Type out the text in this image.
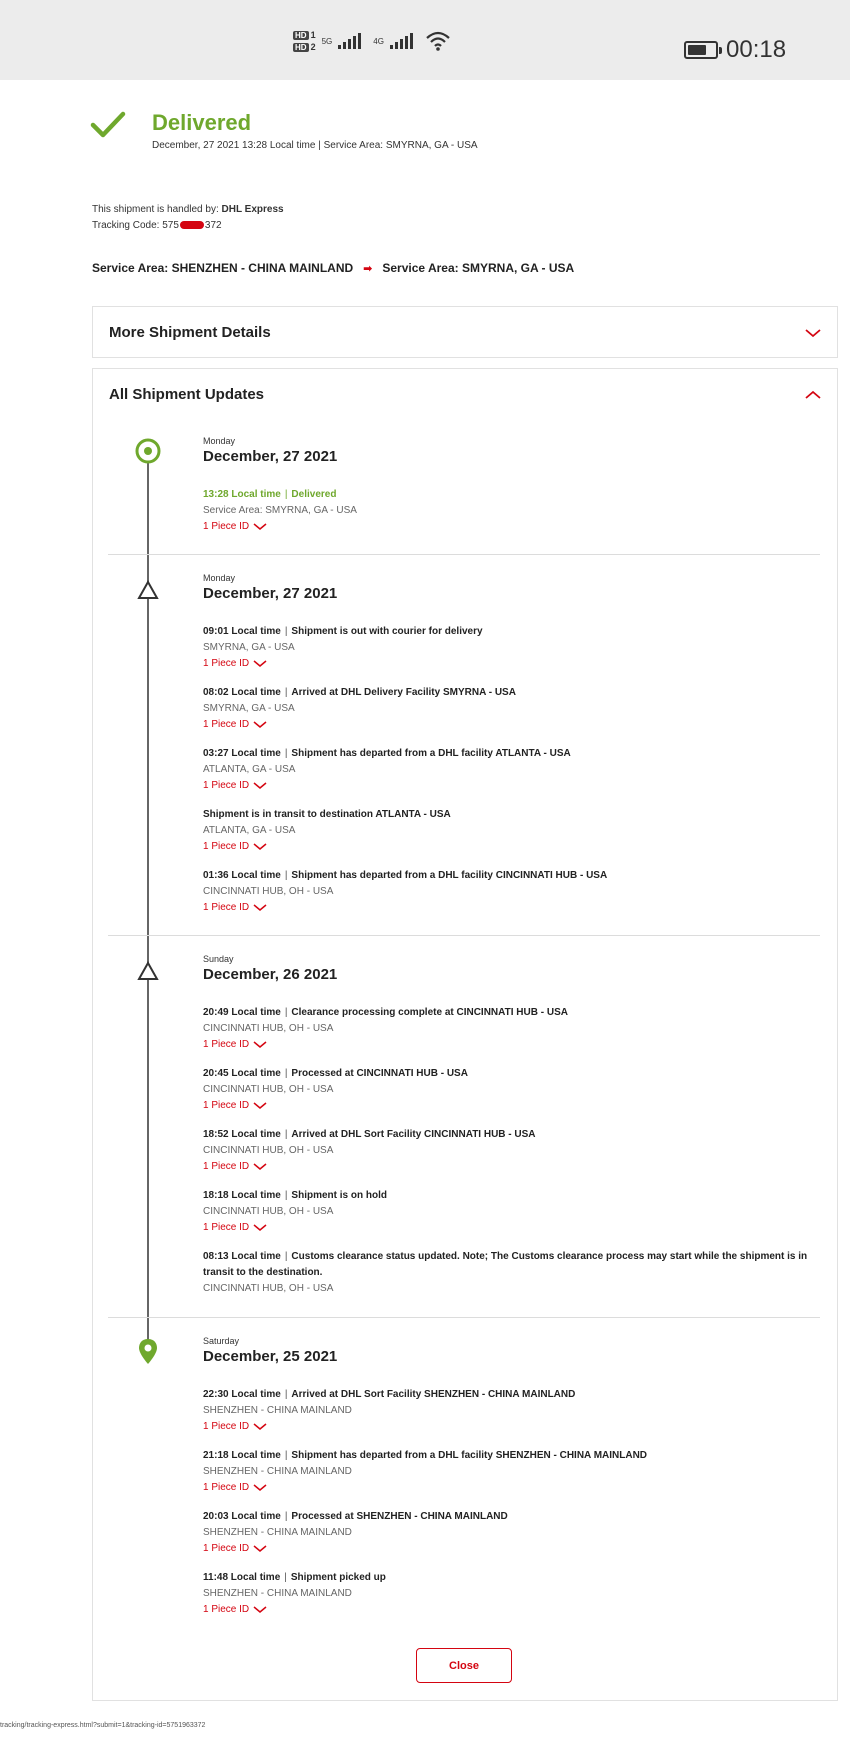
HD 1
HD 2
5G	4G	00:18
Delivered
December, 27 2021 13:28 Local time | Service Area: SMYRNA, GA - USA
This shipment is handled by: DHL Express
Tracking Code: 575	372
Service Area: SHENZHEN - CHINA MAINLAND ➡ Service Area: SMYRNA, GA - USA
More Shipment Details
All Shipment Updates
Monday
December, 27 2021
13:28 Local time | Delivered
Service Area: SMYRNA, GA - USA
1 Piece ID
Monday
December, 27 2021
09:01 Local time | Shipment is out with courier for delivery
SMYRNA, GA - USA
1 Piece ID
08:02 Local time | Arrived at DHL Delivery Facility SMYRNA - USA
SMYRNA, GA - USA
1 Piece ID
03:27 Local time | Shipment has departed from a DHL facility ATLANTA - USA
ATLANTA, GA - USA
1 Piece ID
Shipment is in transit to destination ATLANTA - USA
ATLANTA, GA - USA
1 Piece ID
01:36 Local time | Shipment has departed from a DHL facility CINCINNATI HUB - USA
CINCINNATI HUB, OH - USA
1 Piece ID
Sunday
December, 26 2021
20:49 Local time | Clearance processing complete at CINCINNATI HUB - USA
CINCINNATI HUB, OH - USA
1 Piece ID
20:45 Local time | Processed at CINCINNATI HUB - USA
CINCINNATI HUB, OH - USA
1 Piece ID
18:52 Local time | Arrived at DHL Sort Facility CINCINNATI HUB - USA
CINCINNATI HUB, OH - USA
1 Piece ID
18:18 Local time | Shipment is on hold
CINCINNATI HUB, OH - USA
1 Piece ID
08:13 Local time | Customs clearance status updated. Note; The Customs clearance process may start while the shipment is in transit to the destination.
CINCINNATI HUB, OH - USA
Saturday
December, 25 2021
22:30 Local time | Arrived at DHL Sort Facility SHENZHEN - CHINA MAINLAND
SHENZHEN - CHINA MAINLAND
1 Piece ID
21:18 Local time | Shipment has departed from a DHL facility SHENZHEN - CHINA MAINLAND
SHENZHEN - CHINA MAINLAND
1 Piece ID
20:03 Local time | Processed at SHENZHEN - CHINA MAINLAND
SHENZHEN - CHINA MAINLAND
1 Piece ID
11:48 Local time | Shipment picked up
SHENZHEN - CHINA MAINLAND
1 Piece ID
Close
tracking/tracking-express.html?submit=1&tracking-id=5751963372
